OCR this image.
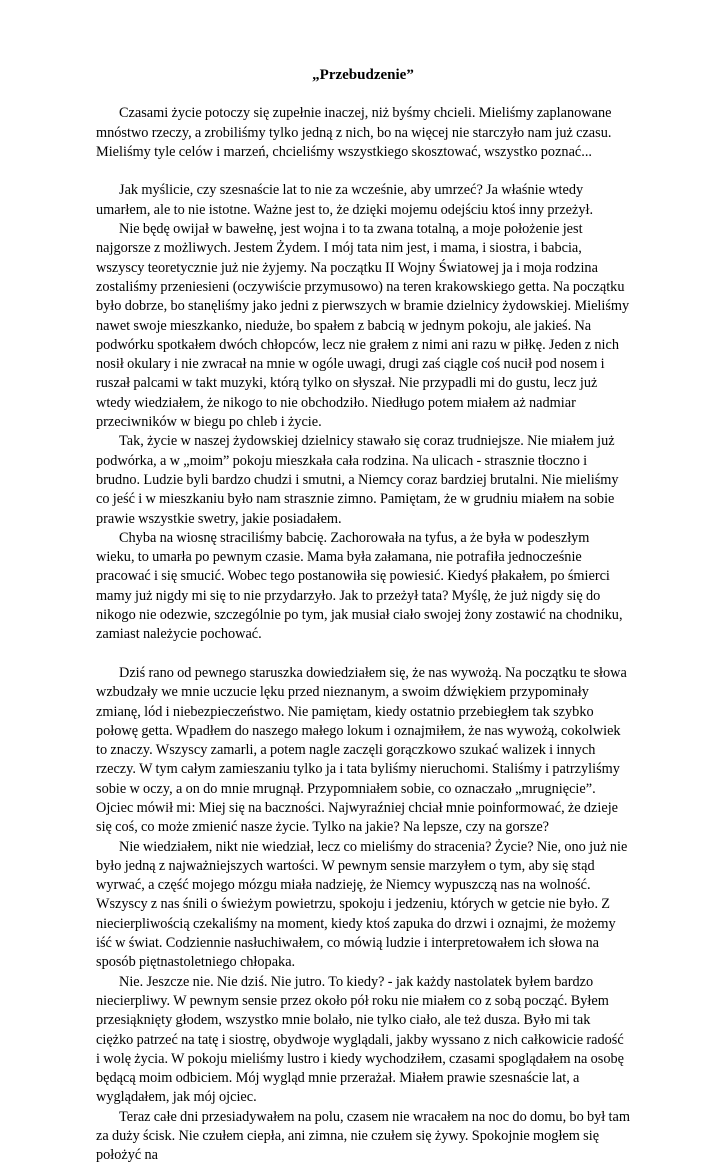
„Przebudzenie”

Czasami życie potoczy się zupełnie inaczej, niż byśmy chcieli. Mieliśmy zaplanowane mnóstwo rzeczy, a zrobiliśmy tylko jedną z nich, bo na więcej nie starczyło nam już czasu. Mieliśmy tyle celów i marzeń, chcieliśmy wszystkiego skosztować, wszystko poznać...

Jak myślicie, czy szesnaście lat to nie za wcześnie, aby umrzeć? Ja właśnie wtedy umarłem, ale to nie istotne. Ważne jest to, że dzięki mojemu odejściu ktoś inny przeżył.

Nie będę owijał w bawełnę, jest wojna i to ta zwana totalną, a moje położenie jest najgorsze z możliwych. Jestem Żydem. I mój tata nim jest, i mama, i siostra, i babcia, wszyscy teoretycznie już nie żyjemy. Na początku II Wojny Światowej ja i moja rodzina zostaliśmy przeniesieni (oczywiście przymusowo) na teren krakowskiego getta. Na początku było dobrze, bo stanęliśmy jako jedni z pierwszych w bramie dzielnicy żydowskiej. Mieliśmy nawet swoje mieszkanko, nieduże, bo spałem z babcią w jednym pokoju, ale jakieś. Na podwórku spotkałem dwóch chłopców, lecz nie grałem z nimi ani razu w piłkę. Jeden z nich nosił okulary i nie zwracał na mnie w ogóle uwagi, drugi zaś ciągle coś nucił pod nosem i ruszał palcami w takt muzyki, którą tylko on słyszał. Nie przypadli mi do gustu, lecz już wtedy wiedziałem, że nikogo to nie obchodziło. Niedługo potem miałem aż nadmiar przeciwników w biegu po chleb i życie.

Tak, życie w naszej żydowskiej dzielnicy stawało się coraz trudniejsze. Nie miałem już podwórka, a w „moim” pokoju mieszkała cała rodzina. Na ulicach - strasznie tłoczno i brudno. Ludzie byli bardzo chudzi i smutni, a Niemcy coraz bardziej brutalni. Nie mieliśmy co jeść i w mieszkaniu było nam strasznie zimno. Pamiętam, że w grudniu miałem na sobie prawie wszystkie swetry, jakie posiadałem.

Chyba na wiosnę straciliśmy babcię. Zachorowała na tyfus, a że była w podeszłym wieku, to umarła po pewnym czasie. Mama była załamana, nie potrafiła jednocześnie pracować i się smucić. Wobec tego postanowiła się powiesić. Kiedyś płakałem, po śmierci mamy już nigdy mi się to nie przydarzyło. Jak to przeżył tata? Myślę, że już nigdy się do nikogo nie odezwie, szczególnie po tym, jak musiał ciało swojej żony zostawić na chodniku, zamiast należycie pochować.

Dziś rano od pewnego staruszka dowiedziałem się, że nas wywożą. Na początku te słowa wzbudzały we mnie uczucie lęku przed nieznanym, a swoim dźwiękiem przypominały zmianę, lód i niebezpieczeństwo. Nie pamiętam, kiedy ostatnio przebiegłem tak szybko połowę getta. Wpadłem do naszego małego lokum i oznajmiłem, że nas wywożą, cokolwiek to znaczy. Wszyscy zamarli, a potem nagle zaczęli gorączkowo szukać walizek i innych rzeczy. W tym całym zamieszaniu tylko ja i tata byliśmy nieruchomi. Staliśmy i patrzyliśmy sobie w oczy, a on do mnie mrugnął. Przypomniałem sobie, co oznaczało „mrugnięcie”. Ojciec mówił mi: Miej się na baczności. Najwyraźniej chciał mnie poinformować, że dzieje się coś, co może zmienić nasze życie. Tylko na jakie? Na lepsze, czy na gorsze?

Nie wiedziałem, nikt nie wiedział, lecz co mieliśmy do stracenia? Życie? Nie, ono już nie było jedną z najważniejszych wartości. W pewnym sensie marzyłem o tym, aby się stąd wyrwać, a część mojego mózgu miała nadzieję, że Niemcy wypuszczą nas na wolność. Wszyscy z nas śnili o świeżym powietrzu, spokoju i jedzeniu, których w getcie nie było. Z niecierpliwością czekaliśmy na moment, kiedy ktoś zapuka do drzwi i oznajmi, że możemy iść w świat. Codziennie nasłuchiwałem, co mówią ludzie i interpretowałem ich słowa na sposób piętnastoletniego chłopaka.

Nie. Jeszcze nie. Nie dziś. Nie jutro. To kiedy? - jak każdy nastolatek byłem bardzo niecierpliwy. W pewnym sensie przez około pół roku nie miałem co z sobą począć. Byłem przesiąknięty głodem, wszystko mnie bolało, nie tylko ciało, ale też dusza. Było mi tak ciężko patrzeć na tatę i siostrę, obydwoje wyglądali, jakby wyssano z nich całkowicie radość i wolę życia. W pokoju mieliśmy lustro i kiedy wychodziłem, czasami spoglądałem na osobę będącą moim odbiciem. Mój wygląd mnie przerażał. Miałem prawie szesnaście lat, a wyglądałem, jak mój ojciec.

Teraz całe dni przesiadywałem na polu, czasem nie wracałem na noc do domu, bo był tam za duży ścisk. Nie czułem ciepła, ani zimna, nie czułem się żywy. Spokojnie mogłem się położyć na
